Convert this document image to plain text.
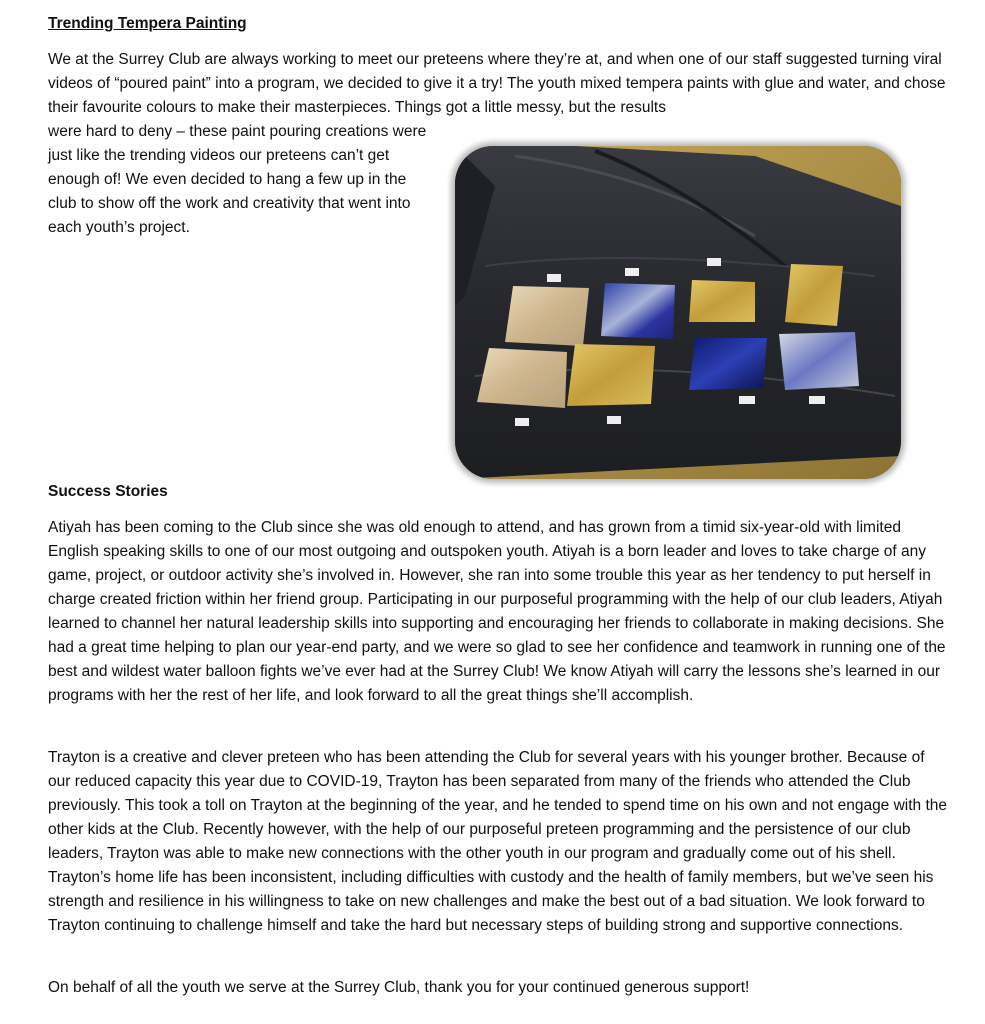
Trending Tempera Painting

We at the Surrey Club are always working to meet our preteens where they’re at, and when one of our staff suggested turning viral videos of “poured paint” into a program, we decided to give it a try! The youth mixed tempera paints with glue and water, and chose their favourite colours to make their masterpieces. Things got a little messy, but the results

were hard to deny – these paint pouring creations were just like the trending videos our preteens can’t get enough of! We even decided to hang a few up in the club to show off the work and creativity that went into each youth’s project.

Success Stories

Atiyah has been coming to the Club since she was old enough to attend, and has grown from a timid six-year-old with limited English speaking skills to one of our most outgoing and outspoken youth. Atiyah is a born leader and loves to take charge of any game, project, or outdoor activity she’s involved in. However, she ran into some trouble this year as her tendency to put herself in charge created friction within her friend group. Participating in our purposeful programming with the help of our club leaders, Atiyah learned to channel her natural leadership skills into supporting and encouraging her friends to collaborate in making decisions. She had a great time helping to plan our year-end party, and we were so glad to see her confidence and teamwork in running one of the best and wildest water balloon fights we’ve ever had at the Surrey Club! We know Atiyah will carry the lessons she’s learned in our programs with her the rest of her life, and look forward to all the great things she’ll accomplish.

Trayton is a creative and clever preteen who has been attending the Club for several years with his younger brother. Because of our reduced capacity this year due to COVID-19, Trayton has been separated from many of the friends who attended the Club previously. This took a toll on Trayton at the beginning of the year, and he tended to spend time on his own and not engage with the other kids at the Club. Recently however, with the help of our purposeful preteen programming and the persistence of our club leaders, Trayton was able to make new connections with the other youth in our program and gradually come out of his shell. Trayton’s home life has been inconsistent, including difficulties with custody and the health of family members, but we’ve seen his strength and resilience in his willingness to take on new challenges and make the best out of a bad situation. We look forward to Trayton continuing to challenge himself and take the hard but necessary steps of building strong and supportive connections.

On behalf of all the youth we serve at the Surrey Club, thank you for your continued generous support!
